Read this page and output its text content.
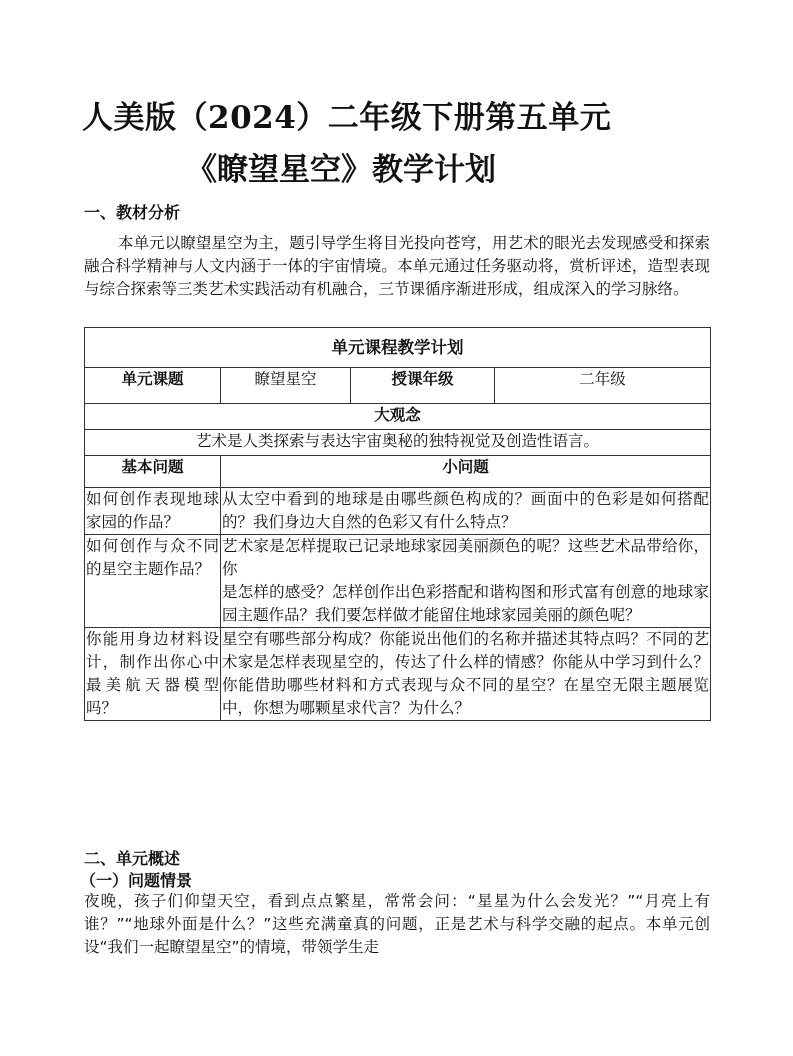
人美版（2024）二年级下册第五单元
《瞭望星空》教学计划
一、教材分析

本单元以瞭望星空为主，题引导学生将目光投向苍穹，用艺术的眼光去发现感受和探索融合科学精神与人文内涵于一体的宇宙情境。本单元通过任务驱动将，赏析评述，造型表现与综合探索等三类艺术实践活动有机融合，三节课循序渐进形成，组成深入的学习脉络。

单元课程教学计划			
单元课题	瞭望星空	授课年级	二年级
大观念			
艺术是人类探索与表达宇宙奥秘的独特视觉及创造性语言。			
基本问题	小问题		
如何创作表现地球家园的作品？	从太空中看到的地球是由哪些颜色构成的？画面中的色彩是如何搭配的？我们身边大自然的色彩又有什么特点？		
如何创作与众不同的星空主题作品？	艺术家是怎样提取已记录地球家园美丽颜色的呢？这些艺术品带给你，你
是怎样的感受？怎样创作出色彩搭配和谐构图和形式富有创意的地球家园主题作品？我们要怎样做才能留住地球家园美丽的颜色呢？		

你能用身边材料设计，制作出你心中最美航天器模型吗？	星空有哪些部分构成？你能说出他们的名称并描述其特点吗？不同的艺术家是怎样表现星空的，传达了什么样的情感？你能从中学习到什么？你能借助哪些材料和方式表现与众不同的星空？在星空无限主题展览中，你想为哪颗星求代言？为什么？		
二、单元概述
（一）问题情景

夜晚，孩子们仰望天空，看到点点繁星，常常会问：“星星为什么会发光？”“月亮上有谁？”“地球外面是什么？”这些充满童真的问题，正是艺术与科学交融的起点。本单元创设“我们一起瞭望星空”的情境，带领学生走
